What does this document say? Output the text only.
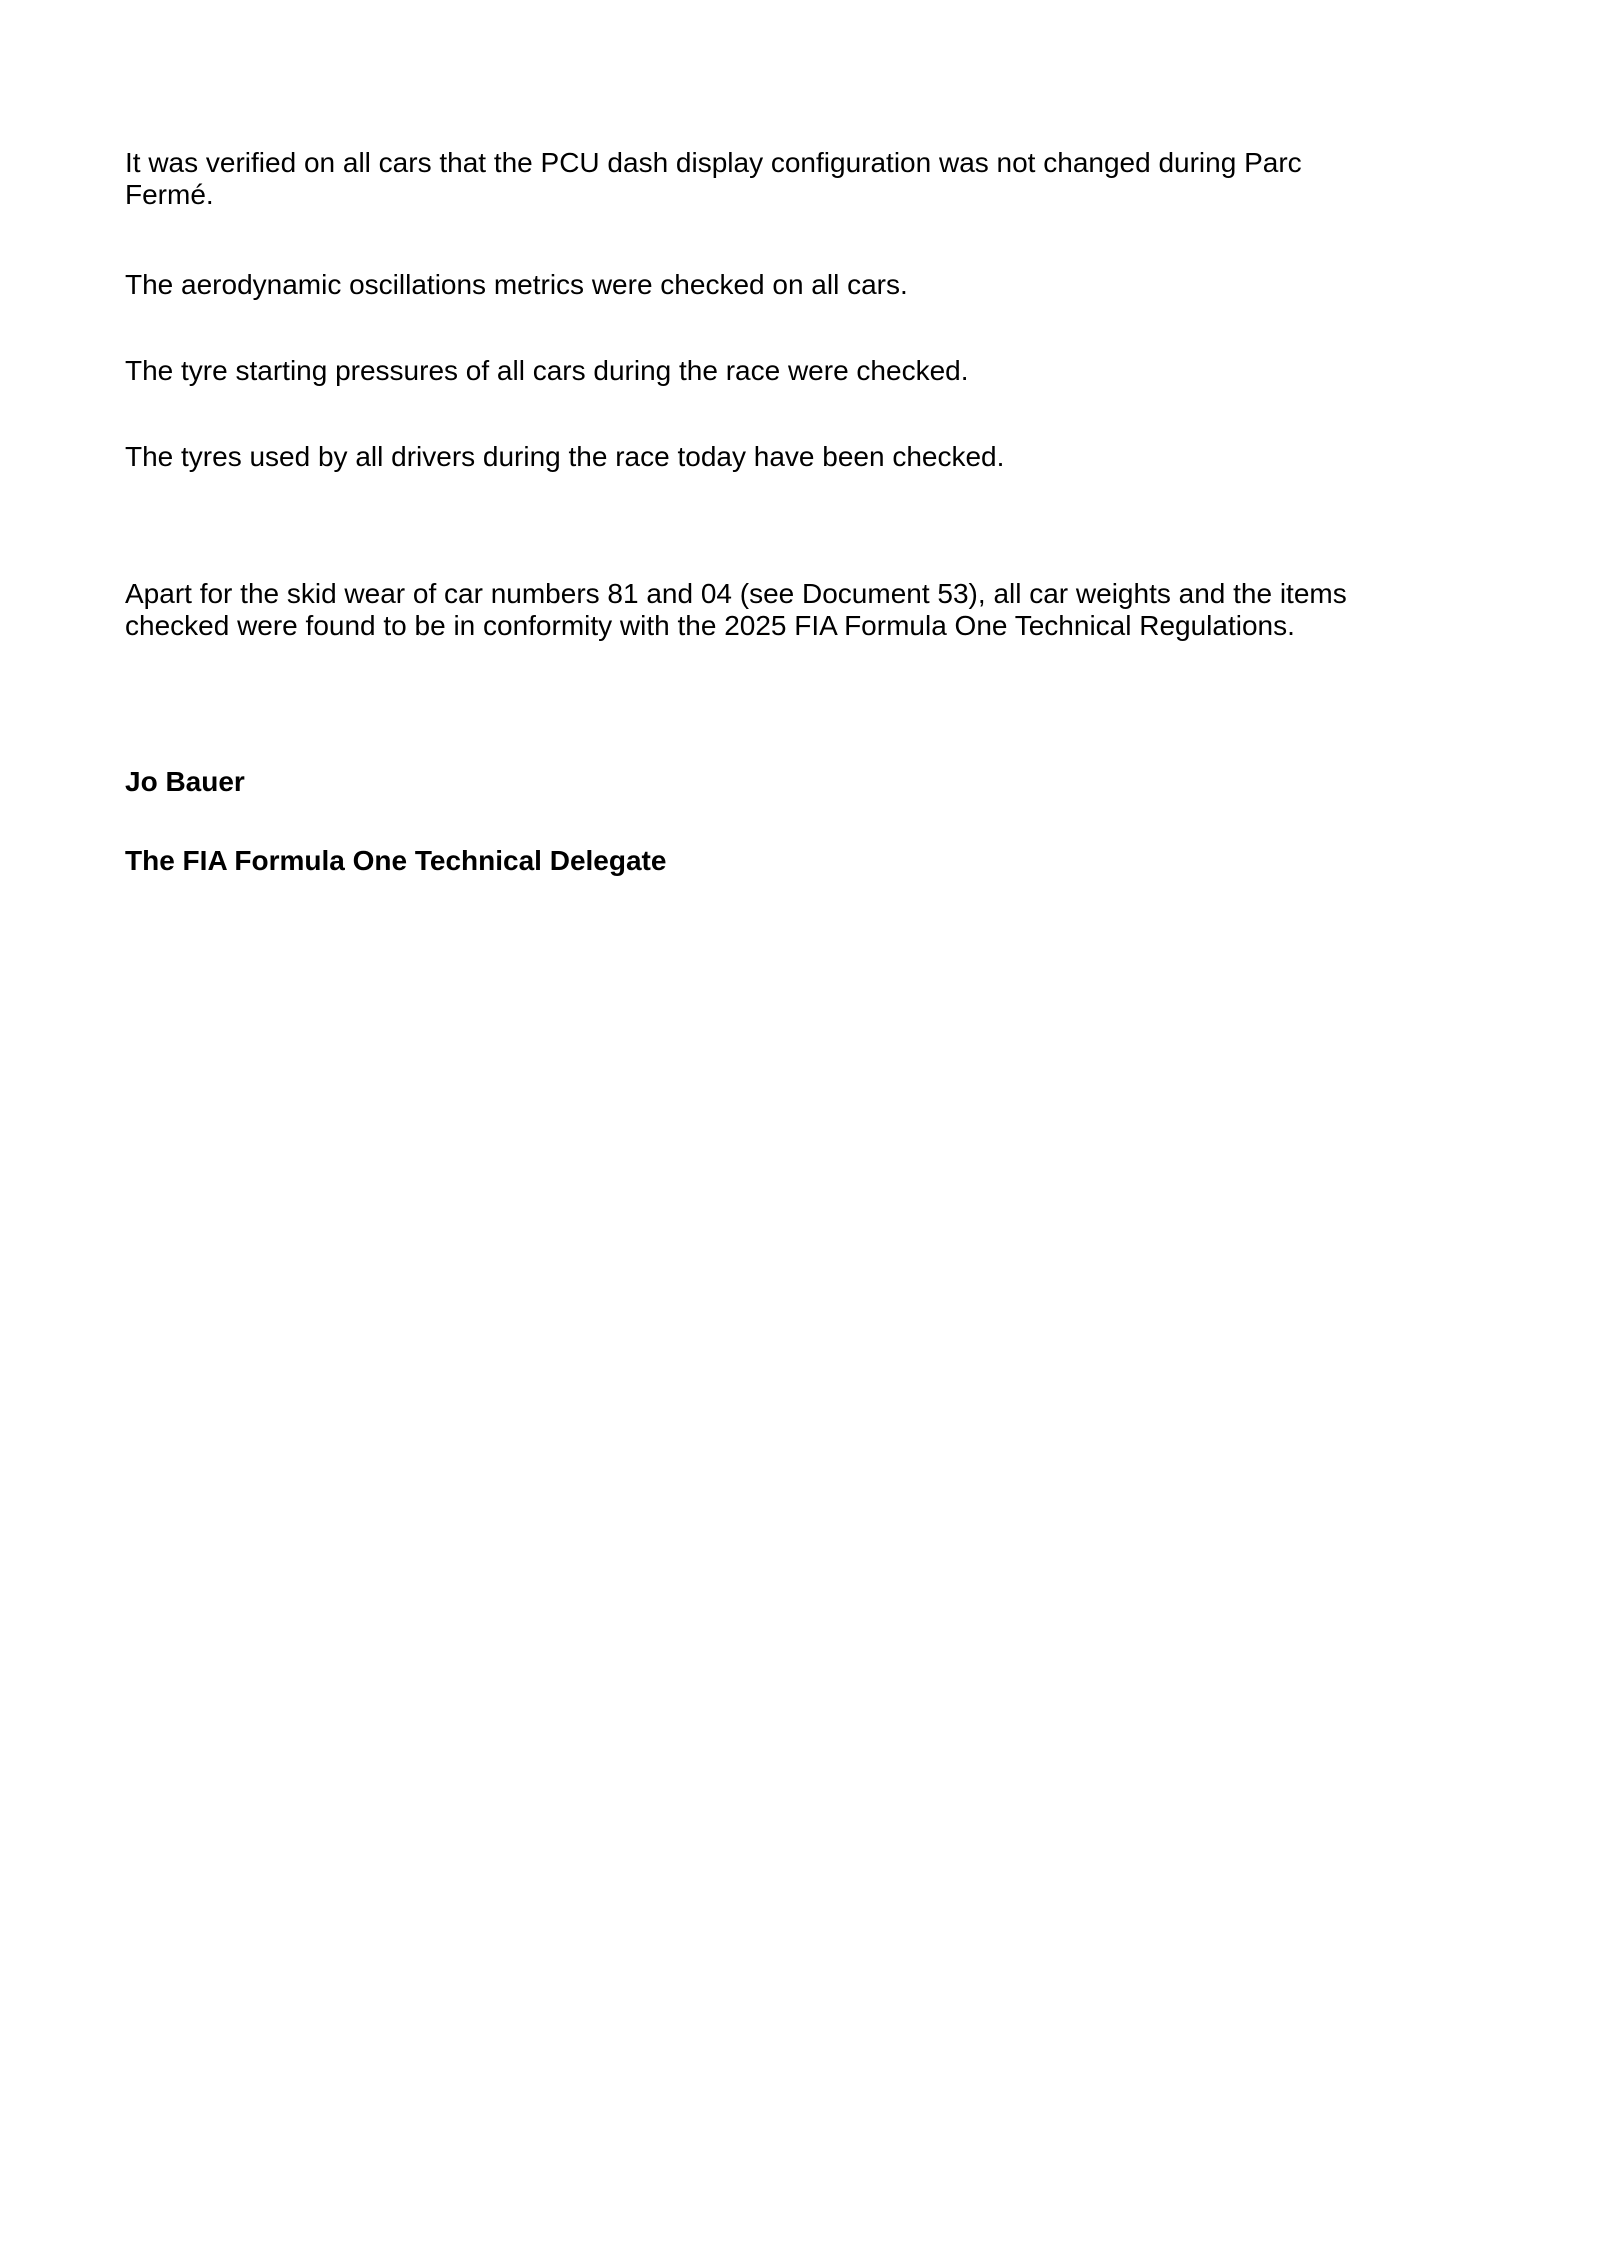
It was verified on all cars that the PCU dash display configuration was not changed during Parc
Fermé.

The aerodynamic oscillations metrics were checked on all cars.

The tyre starting pressures of all cars during the race were checked.

The tyres used by all drivers during the race today have been checked.

Apart for the skid wear of car numbers 81 and 04 (see Document 53), all car weights and the items
checked were found to be in conformity with the 2025 FIA Formula One Technical Regulations.

Jo Bauer

The FIA Formula One Technical Delegate
